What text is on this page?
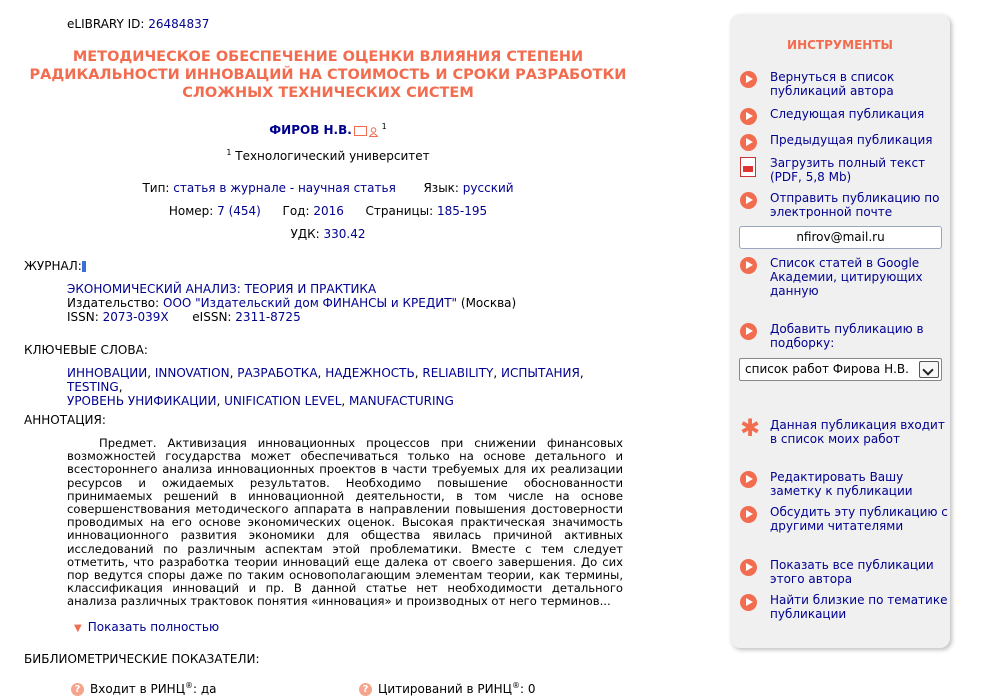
eLIBRARY ID: 26484837
МЕТОДИЧЕСКОЕ ОБЕСПЕЧЕНИЕ ОЦЕНКИ ВЛИЯНИЯ СТЕПЕНИ РАДИКАЛЬНОСТИ ИННОВАЦИЙ НА СТОИМОСТЬ И СРОКИ РАЗРАБОТКИ СЛОЖНЫХ ТЕХНИЧЕСКИХ СИСТЕМ
ФИРОВ Н.В.	$^1$
$^1$ Технологический университет
Тип: статья в журнале - научная статья Язык: русский
Номер: 7 (454) Год: 2016 Страницы: 185-195
УДК: 330.42
ЖУРНАЛ:
ЭКОНОМИЧЕСКИЙ АНАЛИЗ: ТЕОРИЯ И ПРАКТИКА
Издательство: ООО "Издательский дом ФИНАНСЫ и КРЕДИТ" (Москва)
ISSN: 2073-039X eISSN: 2311-8725
КЛЮЧЕВЫЕ СЛОВА:
ИННОВАЦИИ, INNOVATION, РАЗРАБОТКА, НАДЕЖНОСТЬ, RELIABILITY, ИСПЫТАНИЯ, TESTING,
УРОВЕНЬ УНИФИКАЦИИ, UNIFICATION LEVEL, MANUFACTURING
АННОТАЦИЯ:
Предмет. Активизация инновационных процессов при снижении финансовых возможностей государства может обеспечиваться только на основе детального и всестороннего анализа инновационных проектов в части требуемых для их реализации ресурсов и ожидаемых результатов. Необходимо повышение обоснованности принимаемых решений в инновационной деятельности, в том числе на основе совершенствования методического аппарата в направлении повышения достоверности проводимых на его основе экономических оценок. Высокая практическая значимость инновационного развития экономики для общества явилась причиной активных исследований по различным аспектам этой проблематики. Вместе с тем следует отметить, что разработка теории инноваций еще далека от своего завершения. До сих пор ведутся споры даже по таким основополагающим элементам теории, как термины, классификация инноваций и пр. В данной статье нет необходимости детального анализа различных трактовок понятия «инновация» и производных от него терминов...
▼ Показать полностью
БИБЛИОМЕТРИЧЕСКИЕ ПОКАЗАТЕЛИ:
? Входит в РИНЦ®: да	? Цитирований в РИНЦ®: 0
ИНСТРУМЕНТЫ
Вернуться в список публикаций автора
Следующая публикация
Предыдущая публикация
Загрузить полный текст (PDF, 5,8 Mb)
Отправить публикацию по электронной почте
nfirov@mail.ru
Список статей в Google Академии, цитирующих данную
Добавить публикацию в подборку:
список работ Фирова Н.В.
✱ Данная публикация входит в список моих работ
Редактировать Вашу заметку к публикации
Обсудить эту публикацию с другими читателями
Показать все публикации этого автора
Найти близкие по тематике публикации
